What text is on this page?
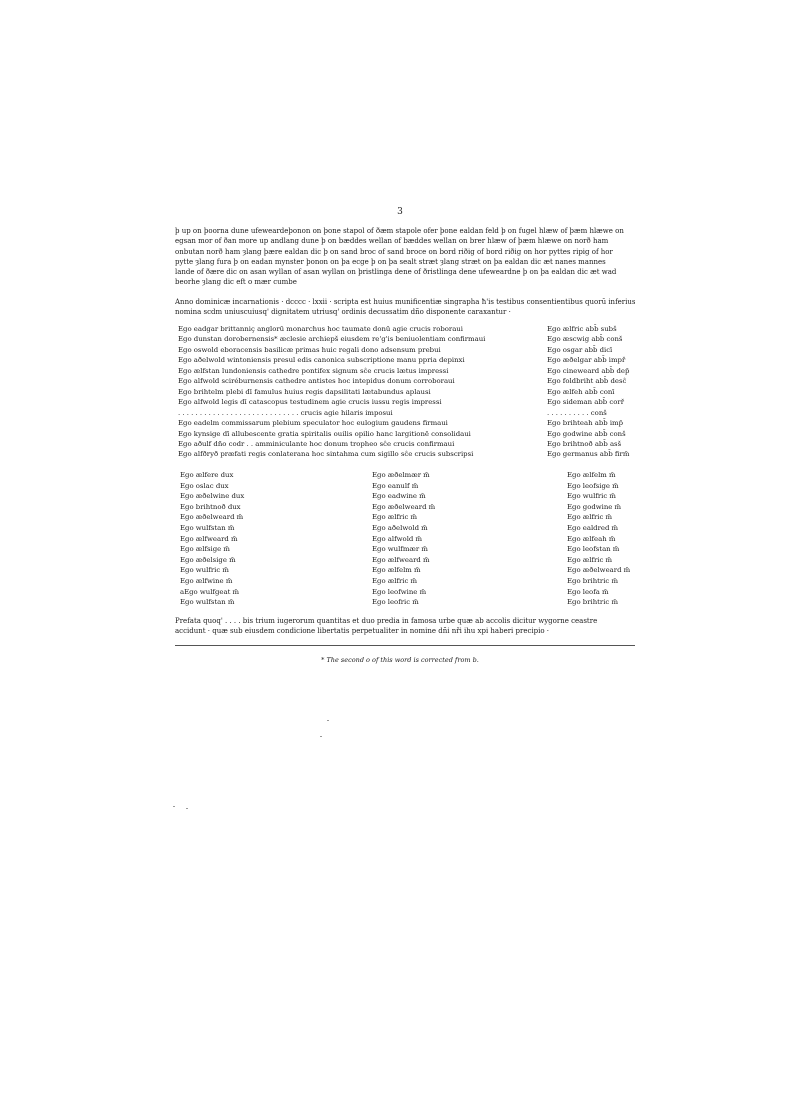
3
þ up on þoorna dune ufeweardeþonon on þone stapol of ðæm stapole ofer þone ealdan feld þ on fugel hlæw of þæm hlæwe on
egsan mor of ðan more up andlang dune þ on bæddes wellan of bæddes wellan on brer hlæw of þæm hlæwe on norð ham
onbutan norð ham ȝlang þære ealdan dic þ on sand broc of sand broce on bord riðig of bord riðig on hor pyttes ripig of hor
pytte ȝlang fura þ on eadan mynster þonon on þa ecge þ on þa sealt stræt ȝlang stræt on þa ealdan dic æt nanes mannes
lande of ðære dic on asan wyllan of asan wyllan on þristlinga dene of ðristlinga dene ufeweardne þ on þa ealdan dic æt wad
beorhe ȝlang dic eft o mær cumbe
Anno dominicæ incarnationis · dcccc · lxxii · scripta est huius munificentiæ singrapha ħ'is testibus consentientibus quorū inferius
nomina scdm uniuscuiusq' dignitatem utriusq' ordinis decussatim dño disponente caraxantur ·
Ego eadgar brittanniç anglorū monarchus hoc taumate donū agie crucis roboraui
Ego dunstan dorobernensis* æclesie archiepš eiusdem re'g'is beniuolentiam confirmaui
Ego oswold eboracensis basilicæ primas huic regali dono adsensum prebui
Ego aðelwold wintoniensis presul edis canonica subscriptione manu ppria depinxi
Ego ælfstan lundoniensis cathedre pontifex signum sĉe crucis lætus impressi
Ego alfwold sciréburnensis cathedre antistes hoc intepidus donum corroboraui
Ego brihtelm plebi dī famulus huius regis dapsilitati lætabundus aplausi
Ego alfwold legis dī catascopus testudinem agie crucis iussu regis impressi
. . . . . . . . . . . . . . . . . . . . . . . . . . . . crucis agie hilaris imposui
Ego eadelm commissarum plebium speculator hoc eulogium gaudens firmaui
Ego kynsige dī allubescente gratia spiritalis ouilis opilio hanc largitionē consolidaui
Ego aðulf dño codr . . amminiculante hoc donum tropheo sĉe crucis confirmaui
Ego alfðryð præfati regis conlaterana hoc sintahma cum sigillo sĉe crucis subscripsi
Ego ælfric abb̄ subš
Ego æscwig abb̄ conš
Ego osgar abb̄ dicī
Ego æðelgar abb̄ impř
Ego cineweard abb̄ dep̄
Ego foldbriht abb̄ desĉ
Ego ælfeh abb̄ conī
Ego sideman abb̄ corř
. . . . . . . . . . conš
Ego brihteah abb̄ imp̄
Ego godwine abb̄ conš
Ego brihtnoð abb̄ asš
Ego germanus abb̄ firm̄
Ego ælfere dux
Ego oslac dux
Ego æðelwine dux
Ego brihtnoð dux
Ego æðelweard m̄
Ego wulfstan m̄
Ego ælfweard m̄
Ego ælfsige m̄
Ego æðelsige m̄
Ego wulfric m̄
Ego ælfwine m̄
aEgo wulfgeat m̄
Ego wulfstan m̄
Ego æðelmær m̄
Ego eanulf m̄
Ego eadwine m̄
Ego æðelweard m̄
Ego ælfric m̄
Ego aðelwold m̄
Ego alfwold m̄
Ego wulfmær m̄
Ego ælfweard m̄
Ego ælfelm m̄
Ego ælfric m̄
Ego leofwine m̄
Ego leofric m̄
Ego ælfelm m̄
Ego leofsige m̄
Ego wulfric m̄
Ego godwine m̄
Ego ælfric m̄
Ego ealdred m̄
Ego ælfeah m̄
Ego leofstan m̄
Ego ælfric m̄
Ego æðelweard m̄
Ego brihtric m̄
Ego leofa m̄
Ego brihtric m̄
Prefata quoq' . . . . bis trium iugerorum quantitas et duo predia in famosa urbe quæ ab accolis dicitur wygorne ceastre
accidunt · quæ sub eiusdem condicione libertatis perpetualiter in nomine dñi nři ihu xpi haberi precipio ·
* The second o of this word is corrected from b.
